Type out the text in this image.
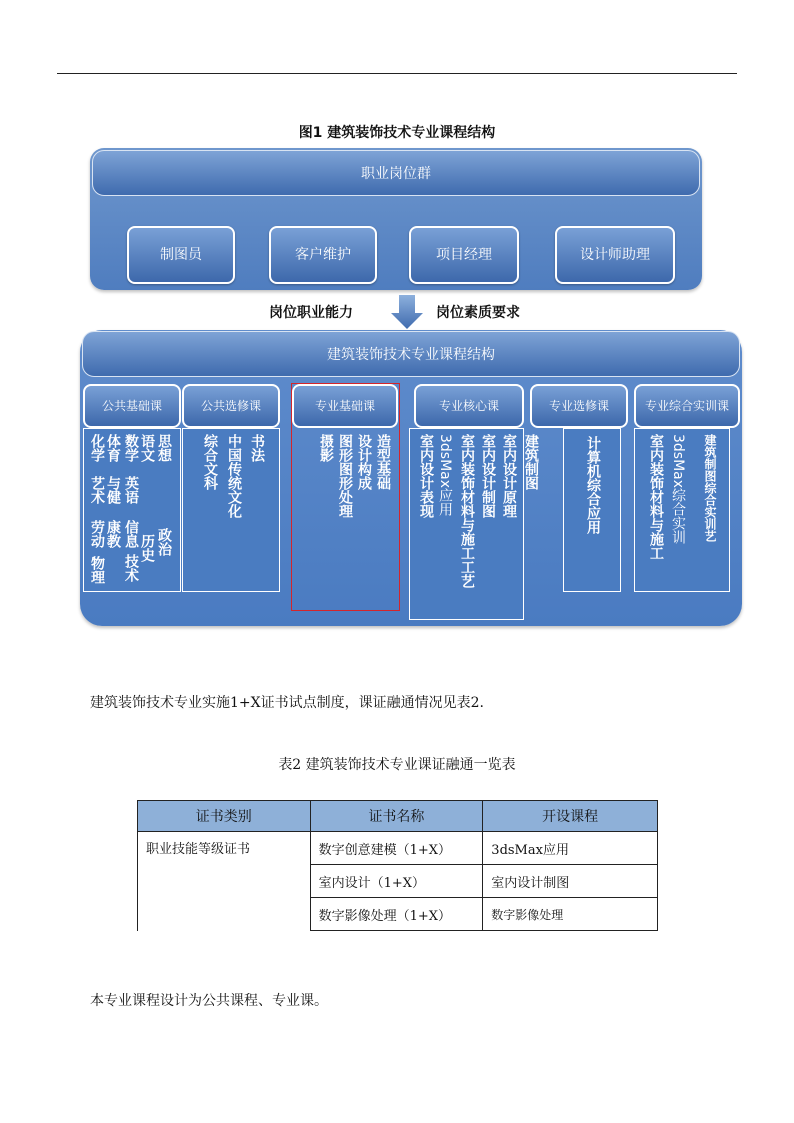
图1 建筑装饰技术专业课程结构
职业岗位群
制图员	客户维护	项目经理	设计师助理
岗位职业能力	岗位素质要求
建筑装饰技术专业课程结构
公共基础课	公共选修课	专业基础课	专业核心课	专业选修课	专业综合实训课
化学 体育 数学 语文 思想
艺术 与健 英语
劳动 康教 信息
技术
历史 政治
物理
综合文科 中国传统文化 书法	摄影 图形图形处理 设计构成 造型基础 室内设计表现 3dsMax应用 室内装饰材料与施工工艺 室内设计制图 室内设计原理 建筑制图	计算机综合应用	室内装饰材料与施工 3dsMax综合实训 建筑制图综合实训艺
建筑装饰技术专业实施1+X证书试点制度，课证融通情况见表2.
表2 建筑装饰技术专业课证融通一览表
证书类别	证书名称	开设课程
职业技能等级证书	数字创意建模（1+X）	3dsMax应用
	室内设计（1+X）	室内设计制图
	数字影像处理（1+X）	数字影像处理
本专业课程设计为公共课程、专业课。
